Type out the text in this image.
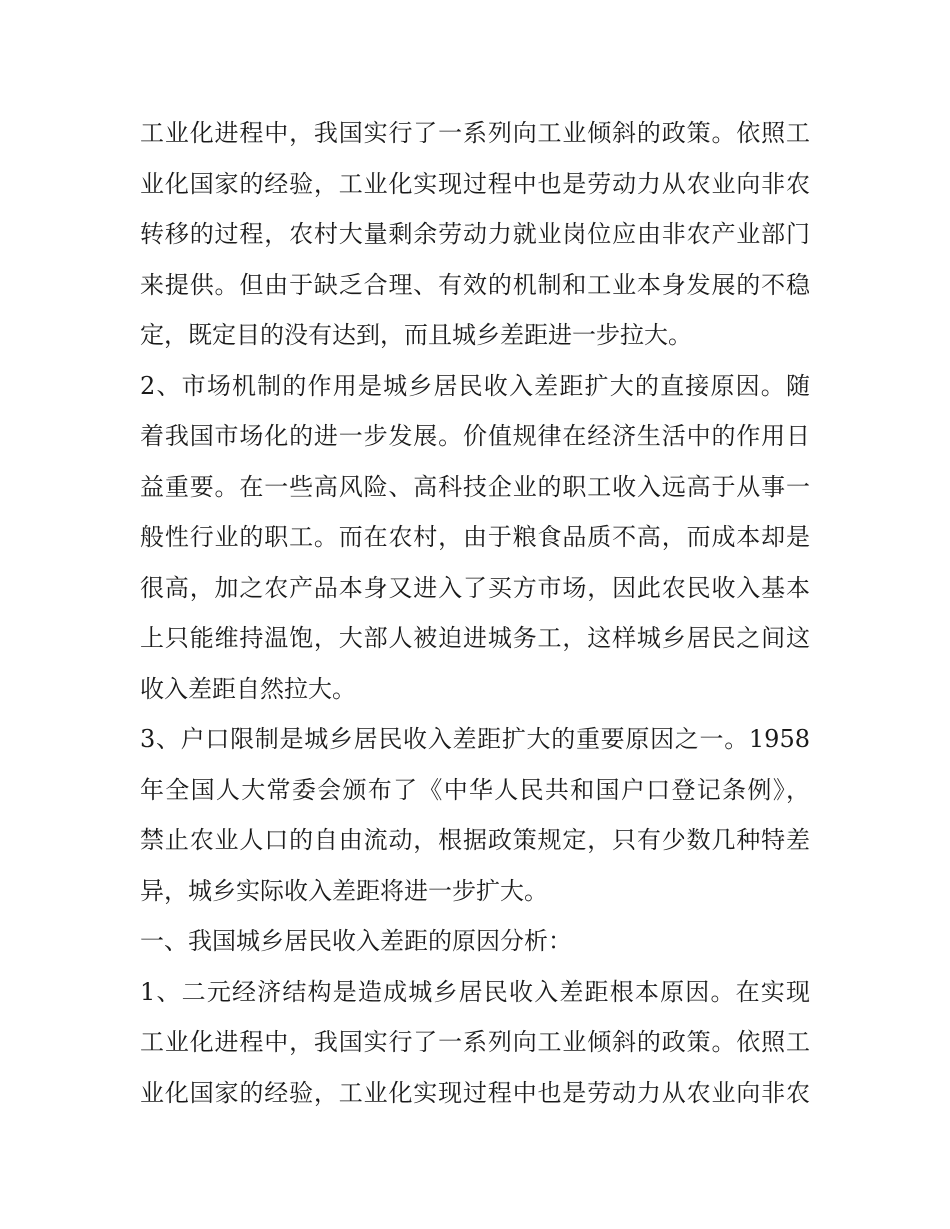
工业化进程中，我国实行了一系列向工业倾斜的政策。依照工
业化国家的经验，工业化实现过程中也是劳动力从农业向非农
转移的过程，农村大量剩余劳动力就业岗位应由非农产业部门
来提供。但由于缺乏合理、有效的机制和工业本身发展的不稳
定，既定目的没有达到，而且城乡差距进一步拉大。
2、市场机制的作用是城乡居民收入差距扩大的直接原因。随
着我国市场化的进一步发展。价值规律在经济生活中的作用日
益重要。在一些高风险、高科技企业的职工收入远高于从事一
般性行业的职工。而在农村，由于粮食品质不高，而成本却是
很高，加之农产品本身又进入了买方市场，因此农民收入基本
上只能维持温饱，大部人被迫进城务工，这样城乡居民之间这
收入差距自然拉大。
3、户口限制是城乡居民收入差距扩大的重要原因之一。1958
年全国人大常委会颁布了《中华人民共和国户口登记条例》，
禁止农业人口的自由流动，根据政策规定，只有少数几种特差
异，城乡实际收入差距将进一步扩大。
一、我国城乡居民收入差距的原因分析：
1、二元经济结构是造成城乡居民收入差距根本原因。在实现
工业化进程中，我国实行了一系列向工业倾斜的政策。依照工
业化国家的经验，工业化实现过程中也是劳动力从农业向非农
